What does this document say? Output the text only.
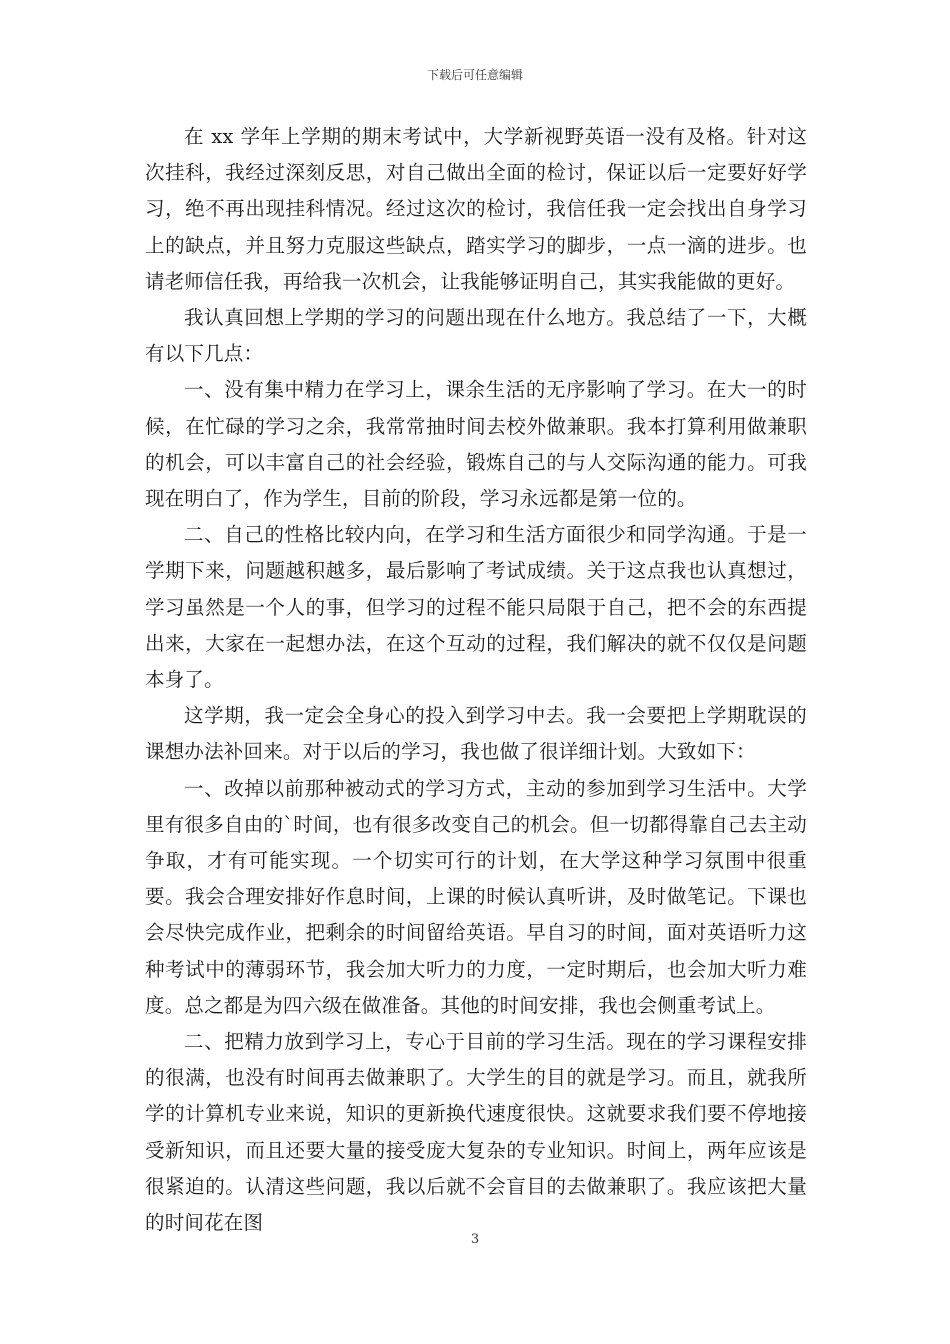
下载后可任意编辑

在 xx 学年上学期的期末考试中，大学新视野英语一没有及格。针对这次挂科，我经过深刻反思，对自己做出全面的检讨，保证以后一定要好好学习，绝不再出现挂科情况。经过这次的检讨，我信任我一定会找出自身学习上的缺点，并且努力克服这些缺点，踏实学习的脚步，一点一滴的进步。也请老师信任我，再给我一次机会，让我能够证明自己，其实我能做的更好。

我认真回想上学期的学习的问题出现在什么地方。我总结了一下，大概有以下几点：

一、没有集中精力在学习上，课余生活的无序影响了学习。在大一的时候，在忙碌的学习之余，我常常抽时间去校外做兼职。我本打算利用做兼职的机会，可以丰富自己的社会经验，锻炼自己的与人交际沟通的能力。可我现在明白了，作为学生，目前的阶段，学习永远都是第一位的。

二、自己的性格比较内向，在学习和生活方面很少和同学沟通。于是一学期下来，问题越积越多，最后影响了考试成绩。关于这点我也认真想过，学习虽然是一个人的事，但学习的过程不能只局限于自己，把不会的东西提出来，大家在一起想办法，在这个互动的过程，我们解决的就不仅仅是问题本身了。

这学期，我一定会全身心的投入到学习中去。我一会要把上学期耽误的课想办法补回来。对于以后的学习，我也做了很详细计划。大致如下：

一、改掉以前那种被动式的学习方式，主动的参加到学习生活中。大学里有很多自由的`时间，也有很多改变自己的机会。但一切都得靠自己去主动争取，才有可能实现。一个切实可行的计划，在大学这种学习氛围中很重要。我会合理安排好作息时间，上课的时候认真听讲，及时做笔记。下课也会尽快完成作业，把剩余的时间留给英语。早自习的时间，面对英语听力这种考试中的薄弱环节，我会加大听力的力度，一定时期后，也会加大听力难度。总之都是为四六级在做准备。其他的时间安排，我也会侧重考试上。

二、把精力放到学习上，专心于目前的学习生活。现在的学习课程安排的很满，也没有时间再去做兼职了。大学生的目的就是学习。而且，就我所学的计算机专业来说，知识的更新换代速度很快。这就要求我们要不停地接受新知识，而且还要大量的接受庞大复杂的专业知识。时间上，两年应该是很紧迫的。认清这些问题，我以后就不会盲目的去做兼职了。我应该把大量的时间花在图

3
